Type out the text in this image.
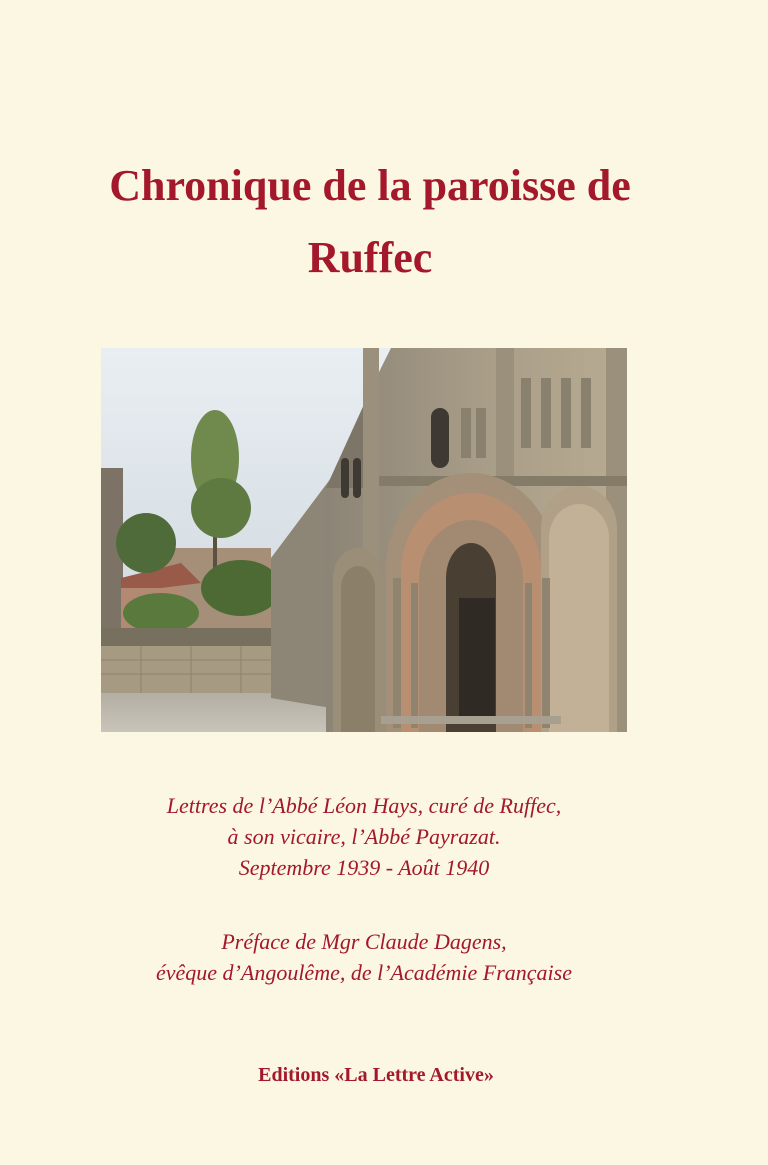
Chronique de la paroisse de
Ruffec
Lettres de l’Abbé Léon Hays, curé de Ruffec,
à son vicaire, l’Abbé Payrazat.
Septembre 1939 - Août 1940
Préface de Mgr Claude Dagens,
évêque d’Angoulême, de l’Académie Française
Editions «La Lettre Active»
